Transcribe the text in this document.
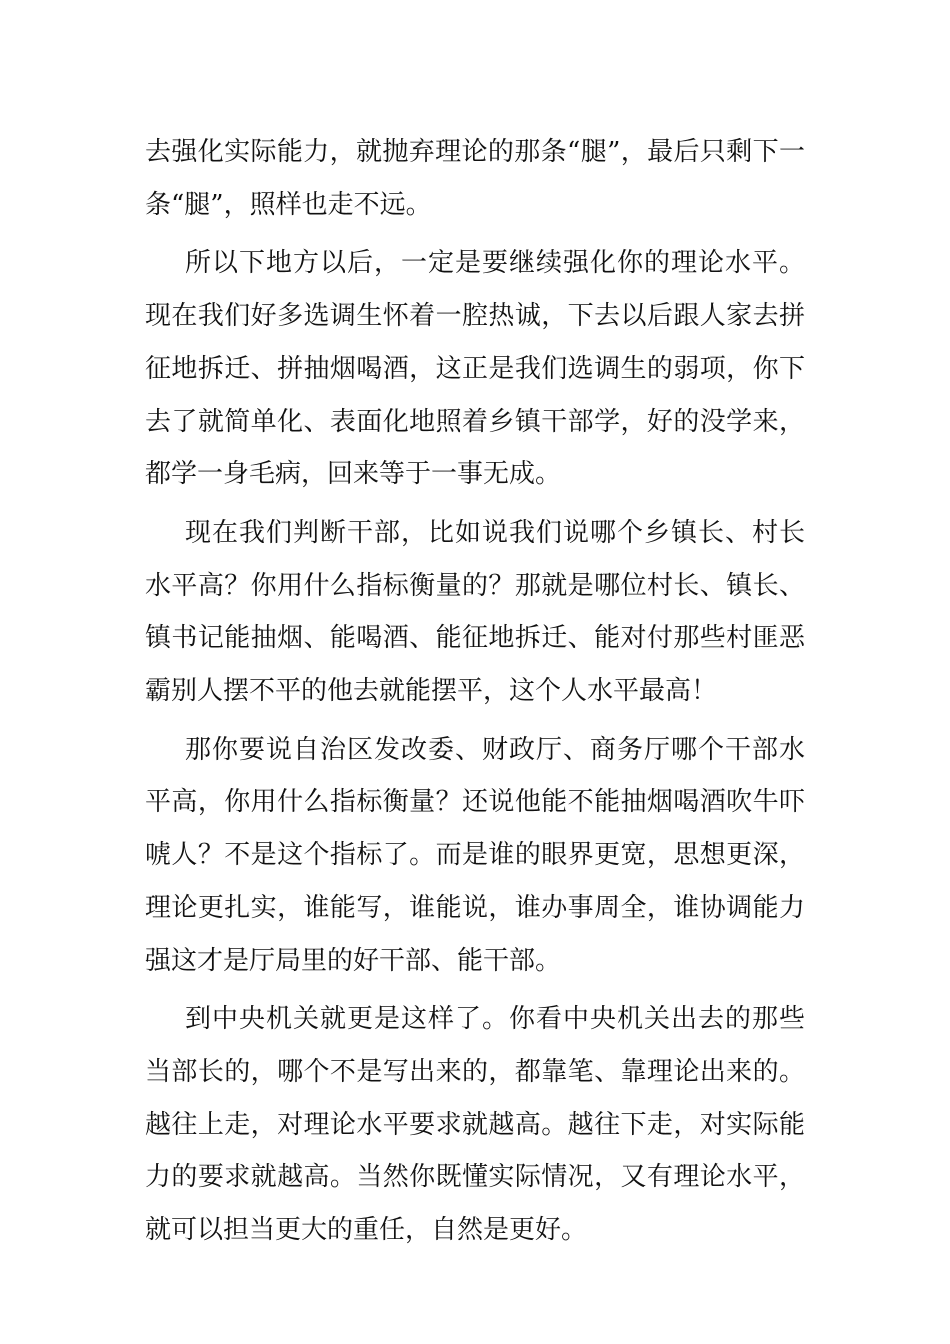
去强化实际能力，就抛弃理论的那条“腿”，最后只剩下一条“腿”，照样也走不远。

所以下地方以后，一定是要继续强化你的理论水平。现在我们好多选调生怀着一腔热诚，下去以后跟人家去拼征地拆迁、拼抽烟喝酒，这正是我们选调生的弱项，你下去了就简单化、表面化地照着乡镇干部学，好的没学来，都学一身毛病，回来等于一事无成。

现在我们判断干部，比如说我们说哪个乡镇长、村长水平高？你用什么指标衡量的？那就是哪位村长、镇长、镇书记能抽烟、能喝酒、能征地拆迁、能对付那些村匪恶霸别人摆不平的他去就能摆平，这个人水平最高！

那你要说自治区发改委、财政厅、商务厅哪个干部水平高，你用什么指标衡量？还说他能不能抽烟喝酒吹牛吓唬人？不是这个指标了。而是谁的眼界更宽，思想更深，理论更扎实，谁能写，谁能说，谁办事周全，谁协调能力强这才是厅局里的好干部、能干部。

到中央机关就更是这样了。你看中央机关出去的那些当部长的，哪个不是写出来的，都靠笔、靠理论出来的。越往上走，对理论水平要求就越高。越往下走，对实际能力的要求就越高。当然你既懂实际情况，又有理论水平，就可以担当更大的重任，自然是更好。
